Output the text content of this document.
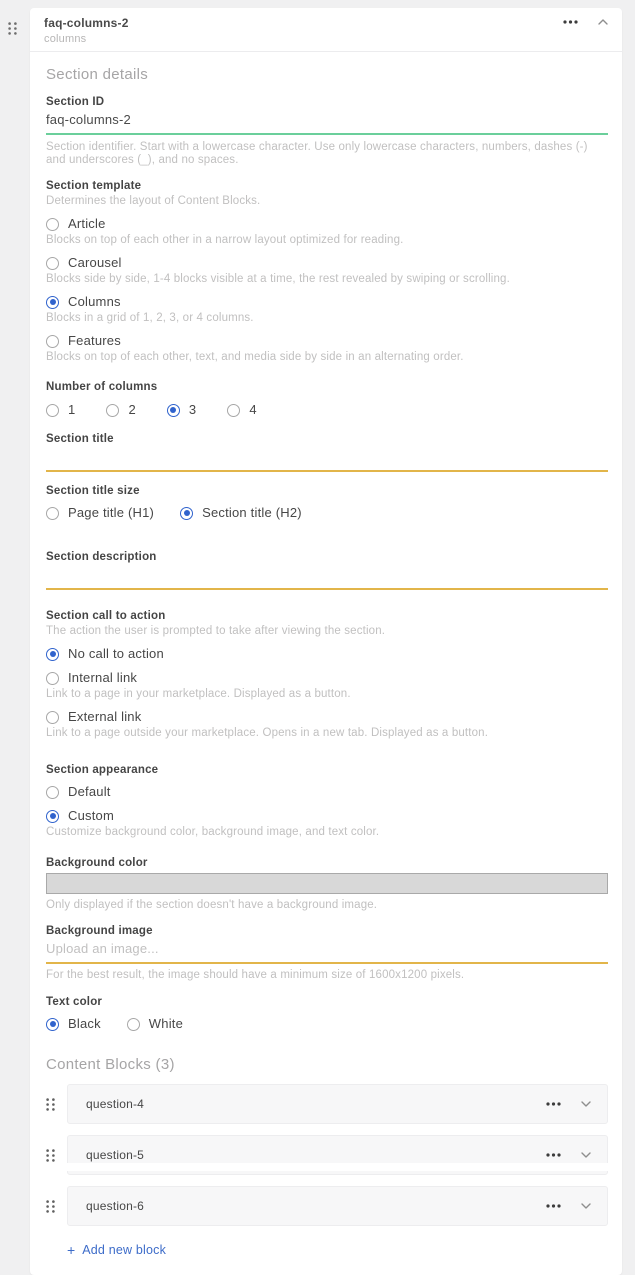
faq-columns-2
columns
Section details
Section ID
faq-columns-2
Section identifier. Start with a lowercase character. Use only lowercase characters, numbers, dashes (-) and underscores (_), and no spaces.
Section template
Determines the layout of Content Blocks.
Article
Blocks on top of each other in a narrow layout optimized for reading.
Carousel
Blocks side by side, 1-4 blocks visible at a time, the rest revealed by swiping or scrolling.
Columns
Blocks in a grid of 1, 2, 3, or 4 columns.
Features
Blocks on top of each other, text, and media side by side in an alternating order.
Number of columns
1	2	3	4
Section title
Section title size
Page title (H1)	Section title (H2)
Section description
Section call to action
The action the user is prompted to take after viewing the section.
No call to action
Internal link
Link to a page in your marketplace. Displayed as a button.
External link
Link to a page outside your marketplace. Opens in a new tab. Displayed as a button.
Section appearance
Default
Custom
Customize background color, background image, and text color.
Background color
Only displayed if the section doesn't have a background image.
Background image
Upload an image...
For the best result, the image should have a minimum size of 1600x1200 pixels.
Text color
Black	White
Content Blocks (3)
question-4
question-5
question-6
+ Add new block
